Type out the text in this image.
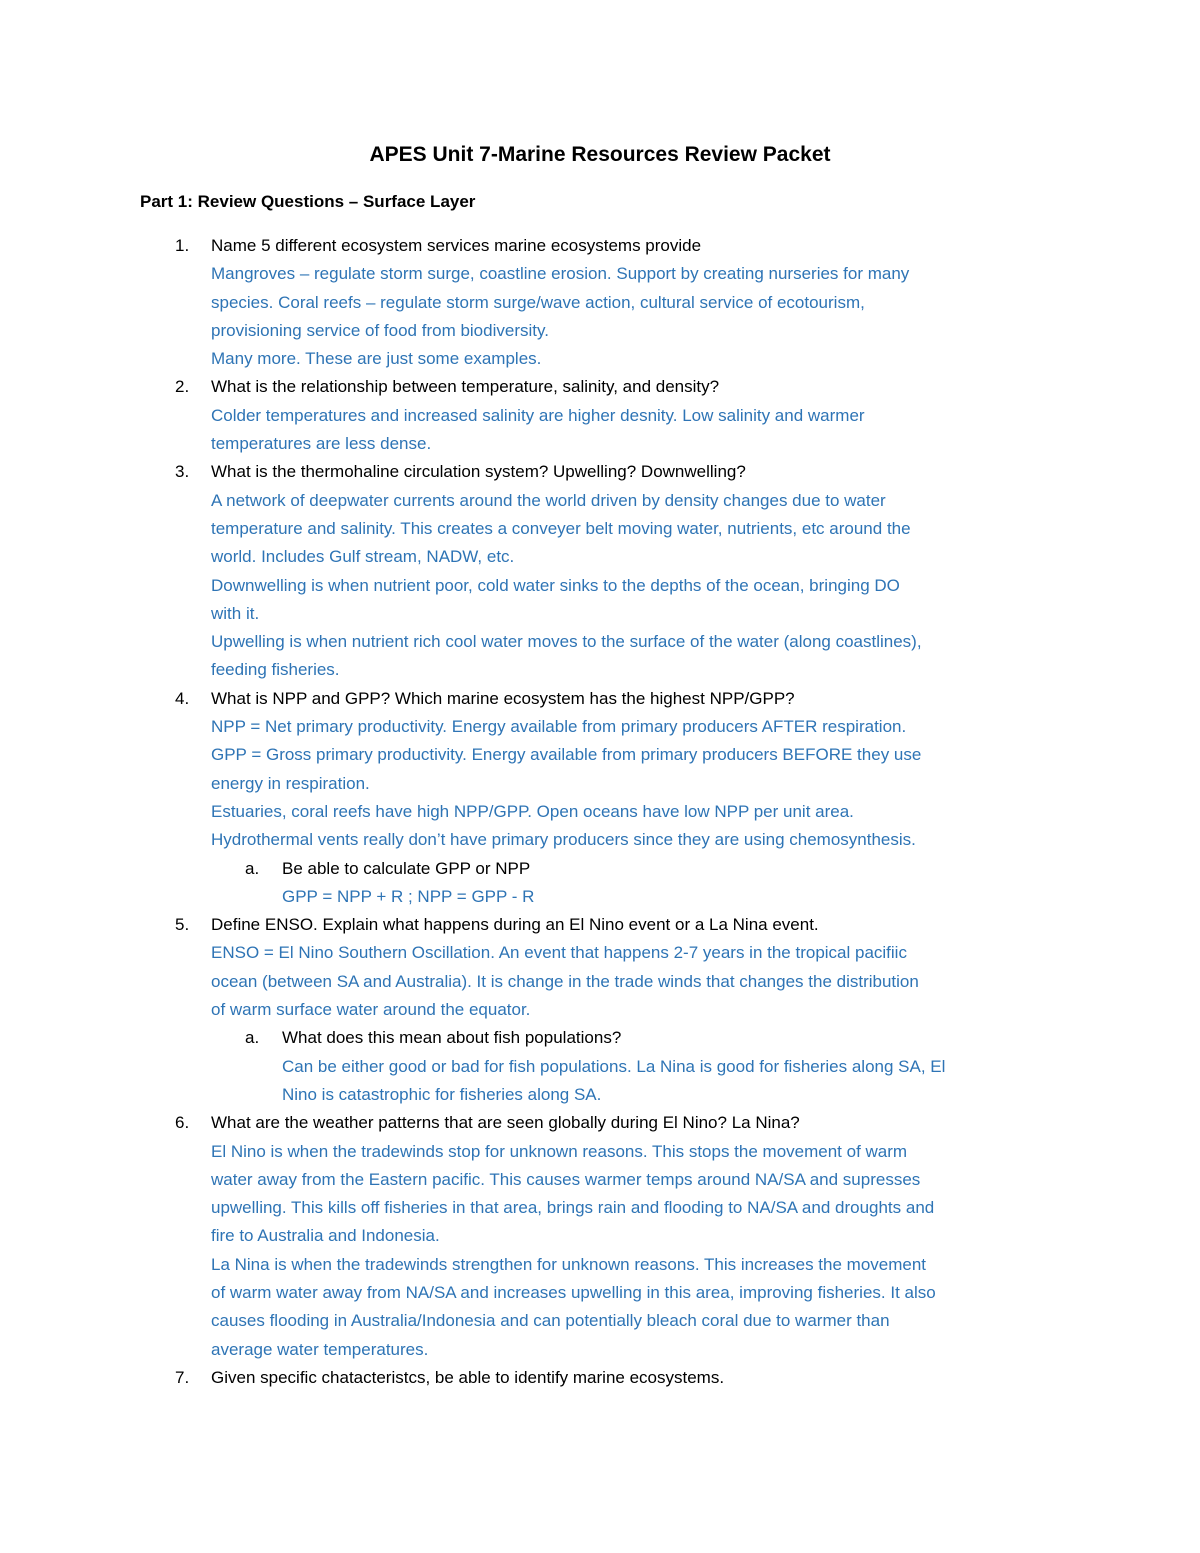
APES Unit 7-Marine Resources Review Packet
Part 1: Review Questions – Surface Layer
1. Name 5 different ecosystem services marine ecosystems provide
Mangroves – regulate storm surge, coastline erosion. Support by creating nurseries for many
species. Coral reefs – regulate storm surge/wave action, cultural service of ecotourism,
provisioning service of food from biodiversity.
Many more. These are just some examples.
2. What is the relationship between temperature, salinity, and density?
Colder temperatures and increased salinity are higher desnity. Low salinity and warmer
temperatures are less dense.
3. What is the thermohaline circulation system? Upwelling? Downwelling?
A network of deepwater currents around the world driven by density changes due to water
temperature and salinity. This creates a conveyer belt moving water, nutrients, etc around the
world. Includes Gulf stream, NADW, etc.
Downwelling is when nutrient poor, cold water sinks to the depths of the ocean, bringing DO
with it.
Upwelling is when nutrient rich cool water moves to the surface of the water (along coastlines),
feeding fisheries.
4. What is NPP and GPP? Which marine ecosystem has the highest NPP/GPP?
NPP = Net primary productivity. Energy available from primary producers AFTER respiration.
GPP = Gross primary productivity. Energy available from primary producers BEFORE they use
energy in respiration.
Estuaries, coral reefs have high NPP/GPP. Open oceans have low NPP per unit area.
Hydrothermal vents really don’t have primary producers since they are using chemosynthesis.
a. Be able to calculate GPP or NPP
GPP = NPP + R ; NPP = GPP - R
5. Define ENSO. Explain what happens during an El Nino event or a La Nina event.
ENSO = El Nino Southern Oscillation. An event that happens 2-7 years in the tropical pacifiic
ocean (between SA and Australia). It is change in the trade winds that changes the distribution
of warm surface water around the equator.
a. What does this mean about fish populations?
Can be either good or bad for fish populations. La Nina is good for fisheries along SA, El
Nino is catastrophic for fisheries along SA.
6. What are the weather patterns that are seen globally during El Nino? La Nina?
El Nino is when the tradewinds stop for unknown reasons. This stops the movement of warm
water away from the Eastern pacific. This causes warmer temps around NA/SA and supresses
upwelling. This kills off fisheries in that area, brings rain and flooding to NA/SA and droughts and
fire to Australia and Indonesia.
La Nina is when the tradewinds strengthen for unknown reasons. This increases the movement
of warm water away from NA/SA and increases upwelling in this area, improving fisheries. It also
causes flooding in Australia/Indonesia and can potentially bleach coral due to warmer than
average water temperatures.
7. Given specific chatacteristcs, be able to identify marine ecosystems.
